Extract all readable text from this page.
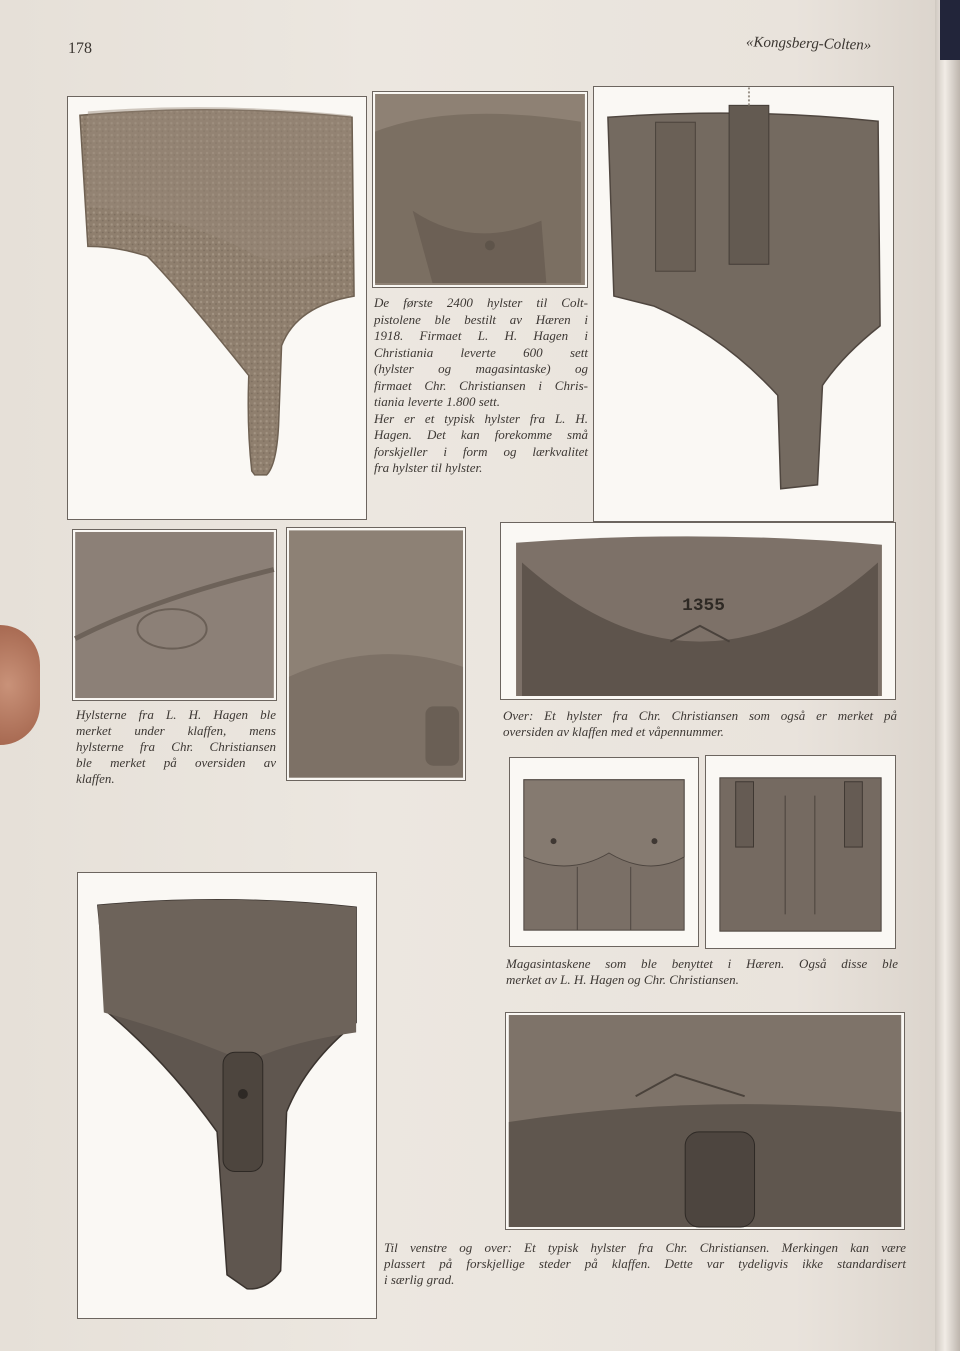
178	«Kongsberg-Colten»
De første 2400 hylster til Colt-
pistolene ble bestilt av Hæren i
1918. Firmaet L. H. Hagen i
Christiania leverte 600 sett
(hylster og magasintaske) og
firmaet Chr. Christiansen i Chris-
tiania leverte 1.800 sett.
Her er et typisk hylster fra L. H.
Hagen. Det kan forekomme små
forskjeller i form og lærkvalitet
fra hylster til hylster.
1355
Hylsterne fra L. H. Hagen ble
merket under klaffen, mens
hylsterne fra Chr. Christiansen
ble merket på oversiden av
klaffen.
Over: Et hylster fra Chr. Christiansen som også er merket på
oversiden av klaffen med et våpennummer.
Magasintaskene som ble benyttet i Hæren. Også disse ble
merket av L. H. Hagen og Chr. Christiansen.
Til venstre og over: Et typisk hylster fra Chr. Christiansen. Merkingen kan være
plassert på forskjellige steder på klaffen. Dette var tydeligvis ikke standardisert
i særlig grad.
